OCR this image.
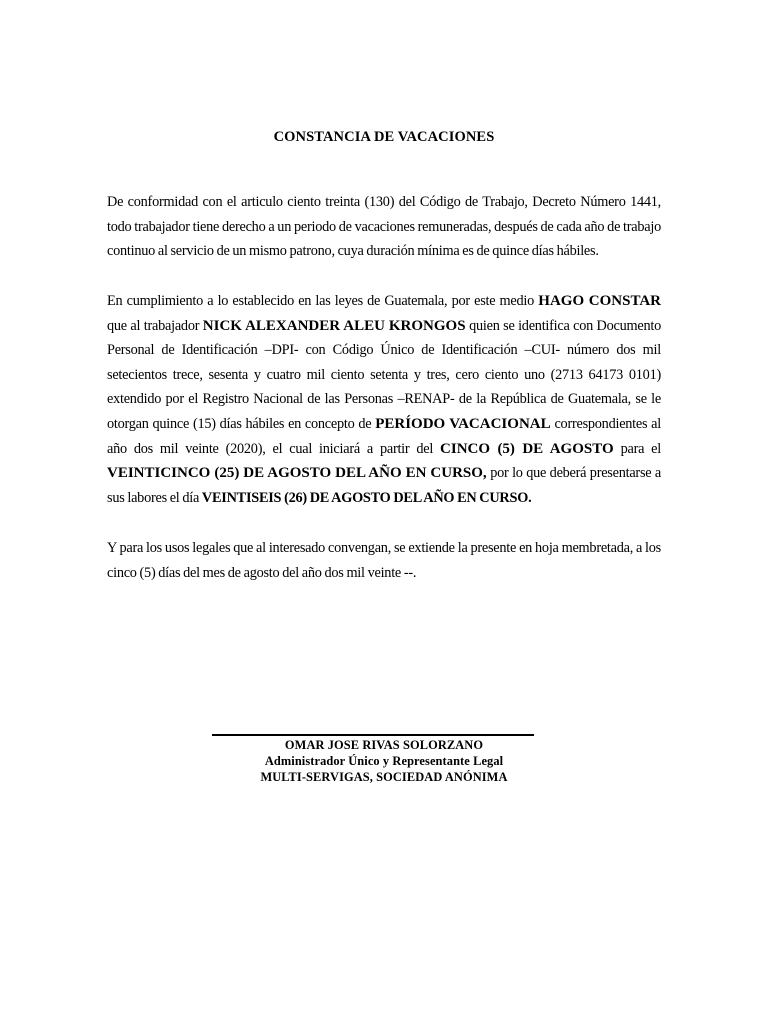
CONSTANCIA DE VACACIONES

De conformidad con el articulo ciento treinta (130) del Código de Trabajo, Decreto Número 1441, todo trabajador tiene derecho a un periodo de vacaciones remuneradas, después de cada año de trabajo continuo al servicio de un mismo patrono, cuya duración mínima es de quince días hábiles.

En cumplimiento a lo establecido en las leyes de Guatemala, por este medio HAGO CONSTAR que al trabajador NICK ALEXANDER ALEU KRONGOS quien se identifica con Documento Personal de Identificación –DPI- con Código Único de Identificación –CUI- número dos mil setecientos trece, sesenta y cuatro mil ciento setenta y tres, cero ciento uno (2713 64173 0101) extendido por el Registro Nacional de las Personas –RENAP- de la República de Guatemala, se le otorgan quince (15) días hábiles en concepto de PERÍODO VACACIONAL correspondientes al año dos mil veinte (2020), el cual iniciará a partir del CINCO (5) DE AGOSTO para el VEINTICINCO (25) DE AGOSTO DEL AÑO EN CURSO, por lo que deberá presentarse a sus labores el día VEINTISEIS (26) DE AGOSTO DEL AÑO EN CURSO.

Y para los usos legales que al interesado convengan, se extiende la presente en hoja membretada, a los cinco (5) días del mes de agosto del año dos mil veinte --.

OMAR JOSE RIVAS SOLORZANO

Administrador Único y Representante Legal

MULTI-SERVIGAS, SOCIEDAD ANÓNIMA
